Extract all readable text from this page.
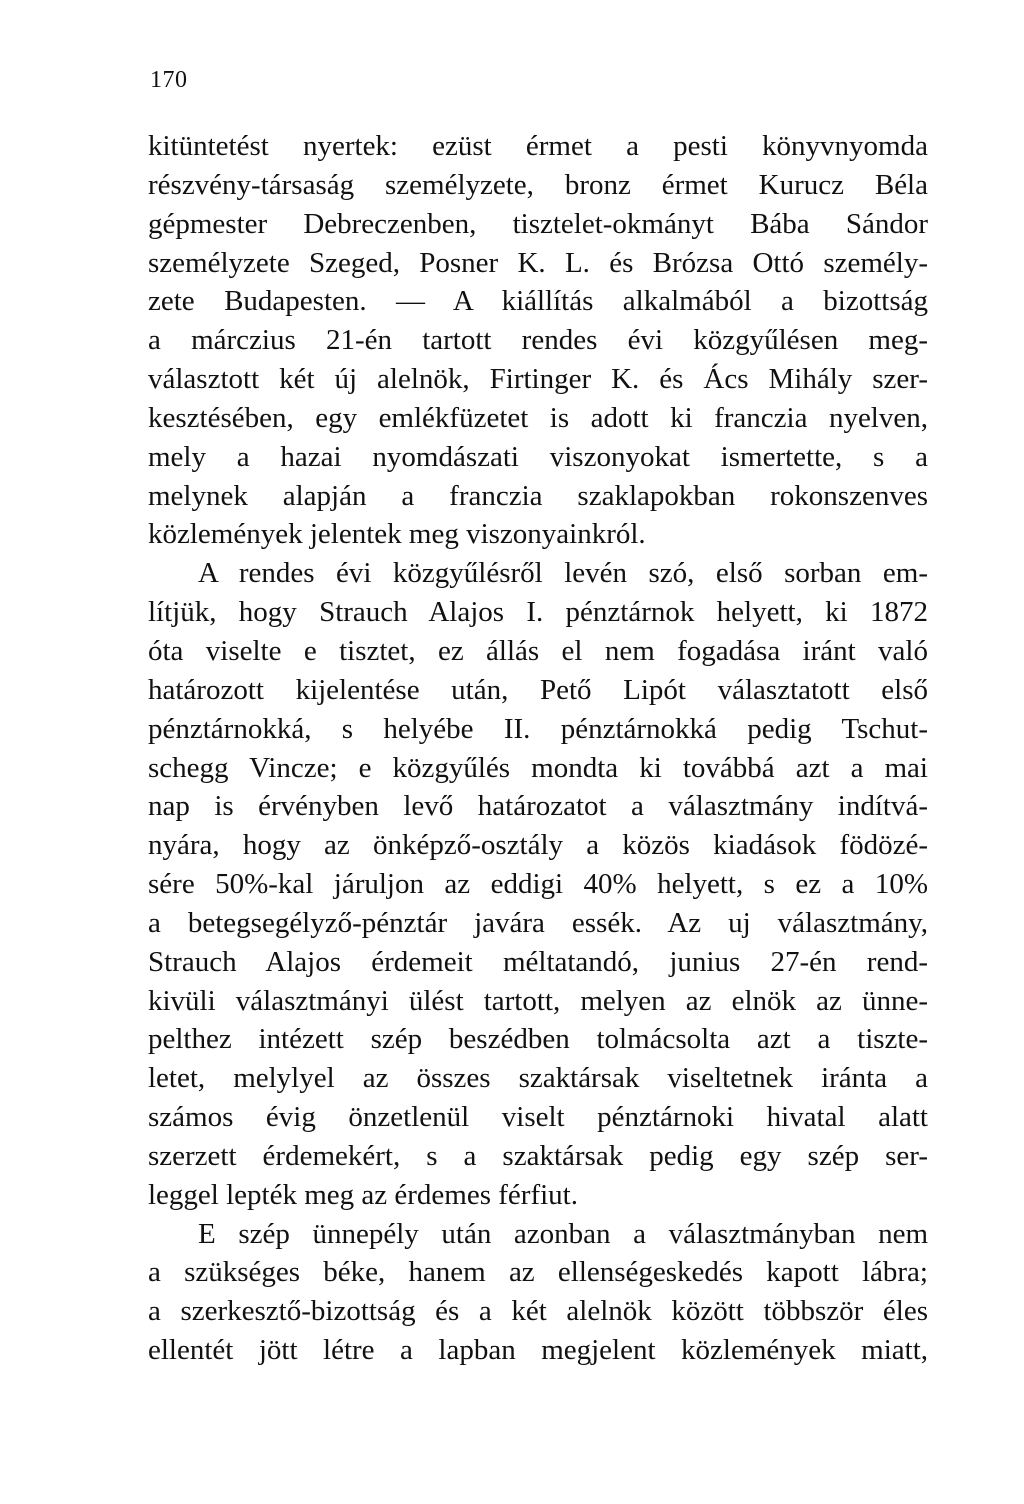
170
kitüntetést nyertek: ezüst érmet a pesti könyvnyomda
részvény-társaság személyzete, bronz érmet Kurucz Béla
gépmester Debreczenben, tisztelet-okmányt Bába Sándor
személyzete Szeged, Posner K. L. és Brózsa Ottó személy-
zete Budapesten. — A kiállítás alkalmából a bizottság
a márczius 21-én tartott rendes évi közgyűlésen meg-
választott két új alelnök, Firtinger K. és Ács Mihály szer-
kesztésében, egy emlékfüzetet is adott ki franczia nyelven,
mely a hazai nyomdászati viszonyokat ismertette, s a
melynek alapján a franczia szaklapokban rokonszenves
közlemények jelentek meg viszonyainkról.
A rendes évi közgyűlésről levén szó, első sorban em-
lítjük, hogy Strauch Alajos I. pénztárnok helyett, ki 1872
óta viselte e tisztet, ez állás el nem fogadása iránt való
határozott kijelentése után, Pető Lipót választatott első
pénztárnokká, s helyébe II. pénztárnokká pedig Tschut-
schegg Vincze; e közgyűlés mondta ki továbbá azt a mai
nap is érvényben levő határozatot a választmány indítvá-
nyára, hogy az önképző-osztály a közös kiadások födözé-
sére 50%-kal járuljon az eddigi 40% helyett, s ez a 10%
a betegsegélyző-pénztár javára essék. Az uj választmány,
Strauch Alajos érdemeit méltatandó, junius 27-én rend-
kivüli választmányi ülést tartott, melyen az elnök az ünne-
pelthez intézett szép beszédben tolmácsolta azt a tiszte-
letet, melylyel az összes szaktársak viseltetnek iránta a
számos évig önzetlenül viselt pénztárnoki hivatal alatt
szerzett érdemekért, s a szaktársak pedig egy szép ser-
leggel lepték meg az érdemes férfiut.
E szép ünnepély után azonban a választmányban nem
a szükséges béke, hanem az ellenségeskedés kapott lábra;
a szerkesztő-bizottság és a két alelnök között többször éles
ellentét jött létre a lapban megjelent közlemények miatt,
